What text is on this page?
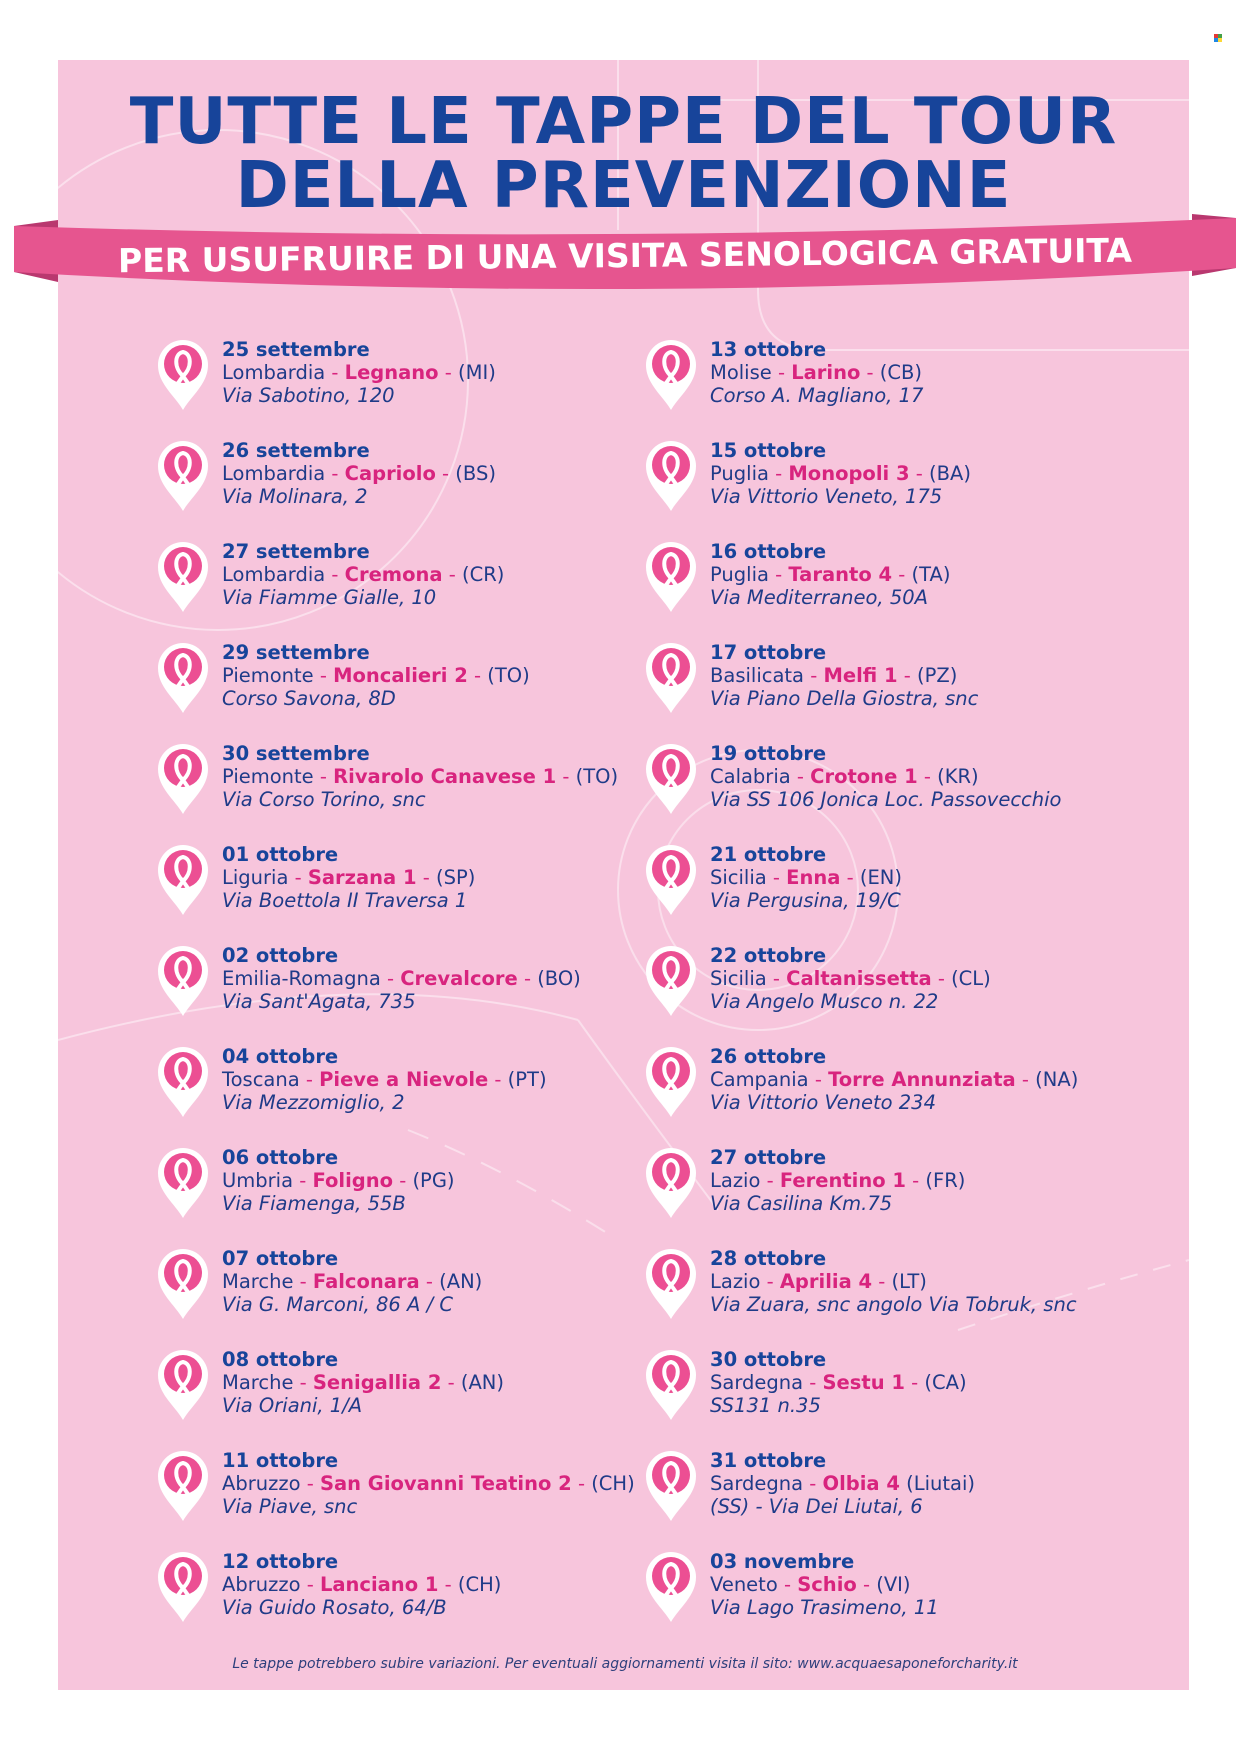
TUTTE LE TAPPE DEL TOUR
DELLA PREVENZIONE
PER USUFRUIRE DI UNA VISITA SENOLOGICA GRATUITA
25 settembre
Lombardia - Legnano - (MI)
Via Sabotino, 120
26 settembre
Lombardia - Capriolo - (BS)
Via Molinara, 2
27 settembre
Lombardia - Cremona - (CR)
Via Fiamme Gialle, 10
29 settembre
Piemonte - Moncalieri 2 - (TO)
Corso Savona, 8D
30 settembre
Piemonte - Rivarolo Canavese 1 - (TO)
Via Corso Torino, snc
01 ottobre
Liguria - Sarzana 1 - (SP)
Via Boettola II Traversa 1
02 ottobre
Emilia-Romagna - Crevalcore - (BO)
Via Sant'Agata, 735
04 ottobre
Toscana - Pieve a Nievole - (PT)
Via Mezzomiglio, 2
06 ottobre
Umbria - Foligno - (PG)
Via Fiamenga, 55B
07 ottobre
Marche - Falconara - (AN)
Via G. Marconi, 86 A / C
08 ottobre
Marche - Senigallia 2 - (AN)
Via Oriani, 1/A
11 ottobre
Abruzzo - San Giovanni Teatino 2 - (CH)
Via Piave, snc
12 ottobre
Abruzzo - Lanciano 1 - (CH)
Via Guido Rosato, 64/B
13 ottobre
Molise - Larino - (CB)
Corso A. Magliano, 17
15 ottobre
Puglia - Monopoli 3 - (BA)
Via Vittorio Veneto, 175
16 ottobre
Puglia - Taranto 4 - (TA)
Via Mediterraneo, 50A
17 ottobre
Basilicata - Melfi 1 - (PZ)
Via Piano Della Giostra, snc
19 ottobre
Calabria - Crotone 1 - (KR)
Via SS 106 Jonica Loc. Passovecchio
21 ottobre
Sicilia - Enna - (EN)
Via Pergusina, 19/C
22 ottobre
Sicilia - Caltanissetta - (CL)
Via Angelo Musco n. 22
26 ottobre
Campania - Torre Annunziata - (NA)
Via Vittorio Veneto 234
27 ottobre
Lazio - Ferentino 1 - (FR)
Via Casilina Km.75
28 ottobre
Lazio - Aprilia 4 - (LT)
Via Zuara, snc angolo Via Tobruk, snc
30 ottobre
Sardegna - Sestu 1 - (CA)
SS131 n.35
31 ottobre
Sardegna - Olbia 4 (Liutai)
(SS) - Via Dei Liutai, 6
03 novembre
Veneto - Schio - (VI)
Via Lago Trasimeno, 11
Le tappe potrebbero subire variazioni. Per eventuali aggiornamenti visita il sito: www.acquaesaponeforcharity.it
